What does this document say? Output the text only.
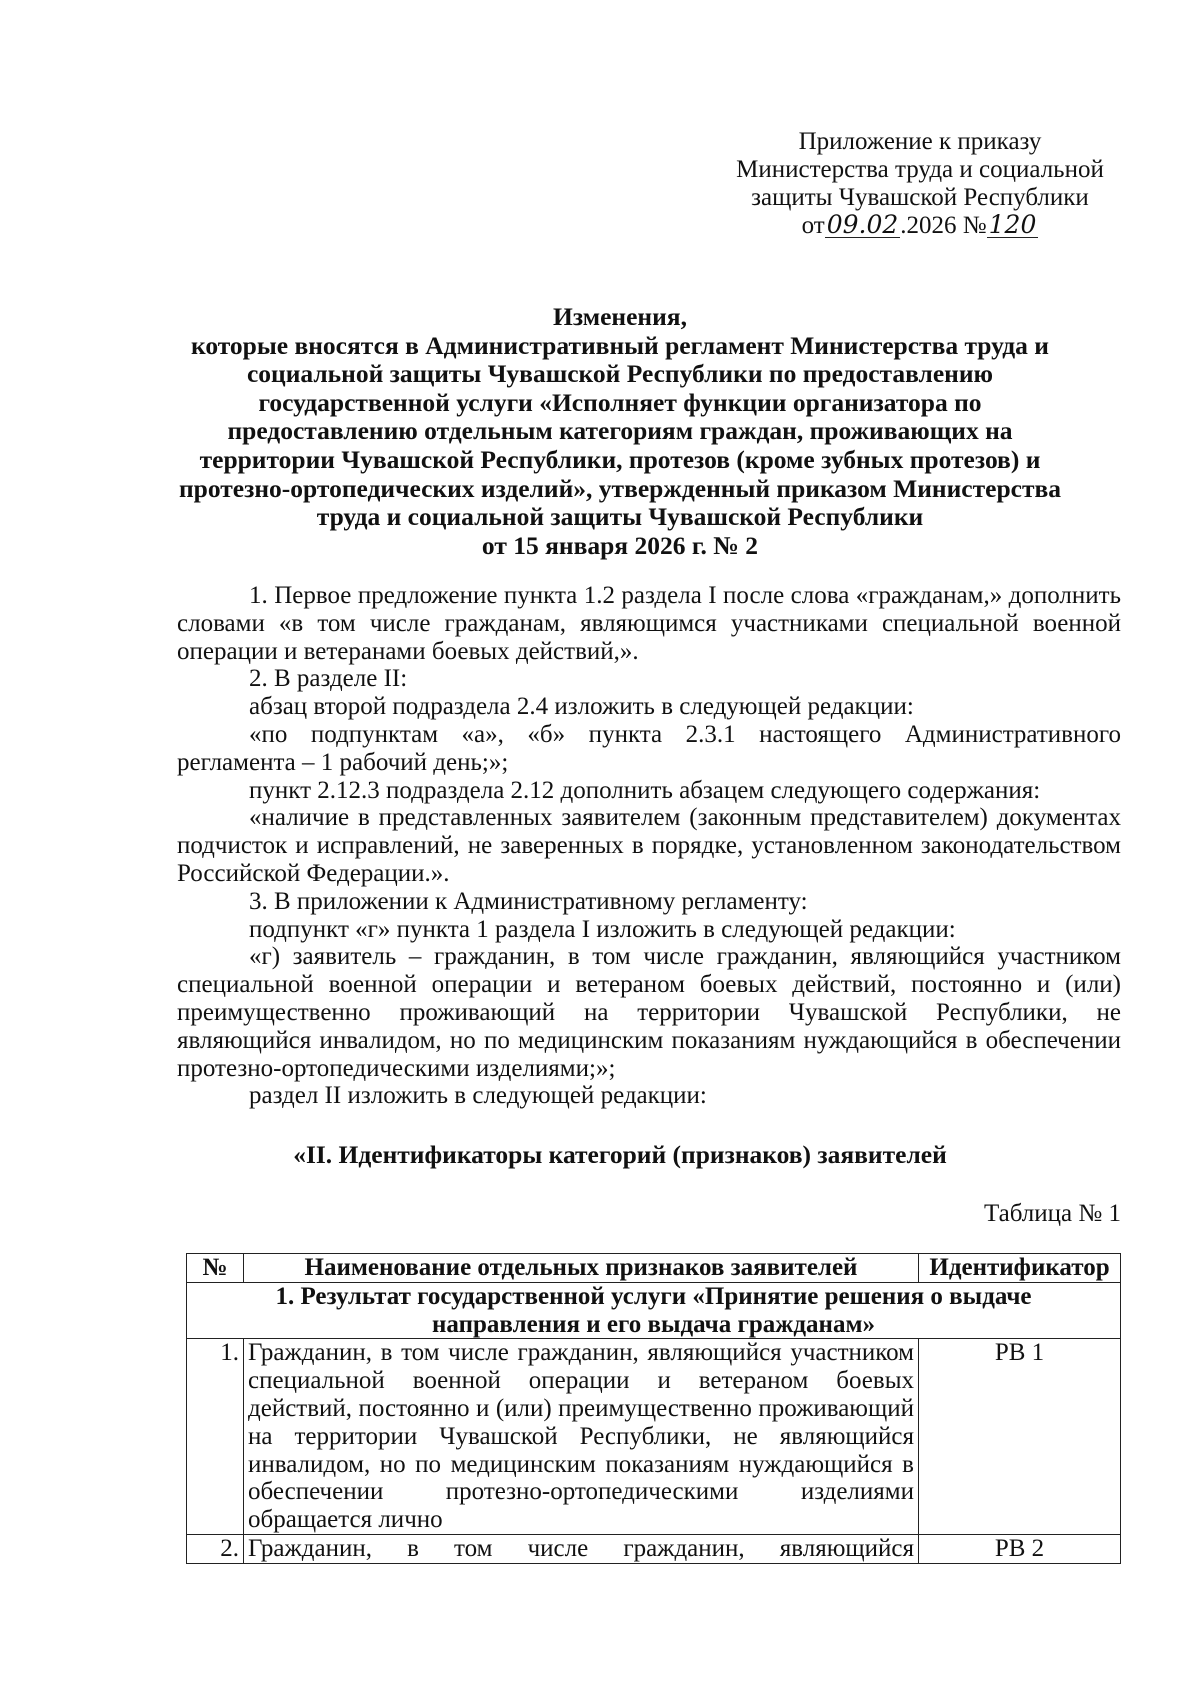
Приложение к приказу
Министерства труда и социальной
защиты Чувашской Республики
от09.02.2026 №120
Изменения,
которые вносятся в Административный регламент Министерства труда и
социальной защиты Чувашской Республики по предоставлению
государственной услуги «Исполняет функции организатора по
предоставлению отдельным категориям граждан, проживающих на
территории Чувашской Республики, протезов (кроме зубных протезов) и
протезно-ортопедических изделий», утвержденный приказом Министерства
труда и социальной защиты Чувашской Республики
от 15 января 2026 г. № 2

1. Первое предложение пункта 1.2 раздела I после слова «гражданам,» дополнить словами «в том числе гражданам, являющимся участниками специальной военной операции и ветеранами боевых действий,».

2. В разделе II:

абзац второй подраздела 2.4 изложить в следующей редакции:

«по подпунктам «а», «б» пункта 2.3.1 настоящего Административного регламента – 1 рабочий день;»;

пункт 2.12.3 подраздела 2.12 дополнить абзацем следующего содержания:

«наличие в представленных заявителем (законным представителем) документах подчисток и исправлений, не заверенных в порядке, установленном законодательством Российской Федерации.».

3. В приложении к Административному регламенту:

подпункт «г» пункта 1 раздела I изложить в следующей редакции:

«г) заявитель – гражданин, в том числе гражданин, являющийся участником специальной военной операции и ветераном боевых действий, постоянно и (или) преимущественно проживающий на территории Чувашской Республики, не являющийся инвалидом, но по медицинским показаниям нуждающийся в обеспечении протезно-ортопедическими изделиями;»;

раздел II изложить в следующей редакции:

«II. Идентификаторы категорий (признаков) заявителей
Таблица № 1
№	Наименование отдельных признаков заявителей	Идентификатор

1. Результат государственной услуги «Принятие решения о выдаче
направления и его выдача гражданам»		

1.	Гражданин, в том числе гражданин, являющийся участником специальной военной операции и ветераном боевых действий, постоянно и (или) преимущественно проживающий на территории Чувашской Республики, не являющийся инвалидом, но по медицинским показаниям нуждающийся в обеспечении протезно-ортопедическими изделиями обращается лично	РВ 1
2.	Гражданин, в том числе гражданин, являющийся	РВ 2
